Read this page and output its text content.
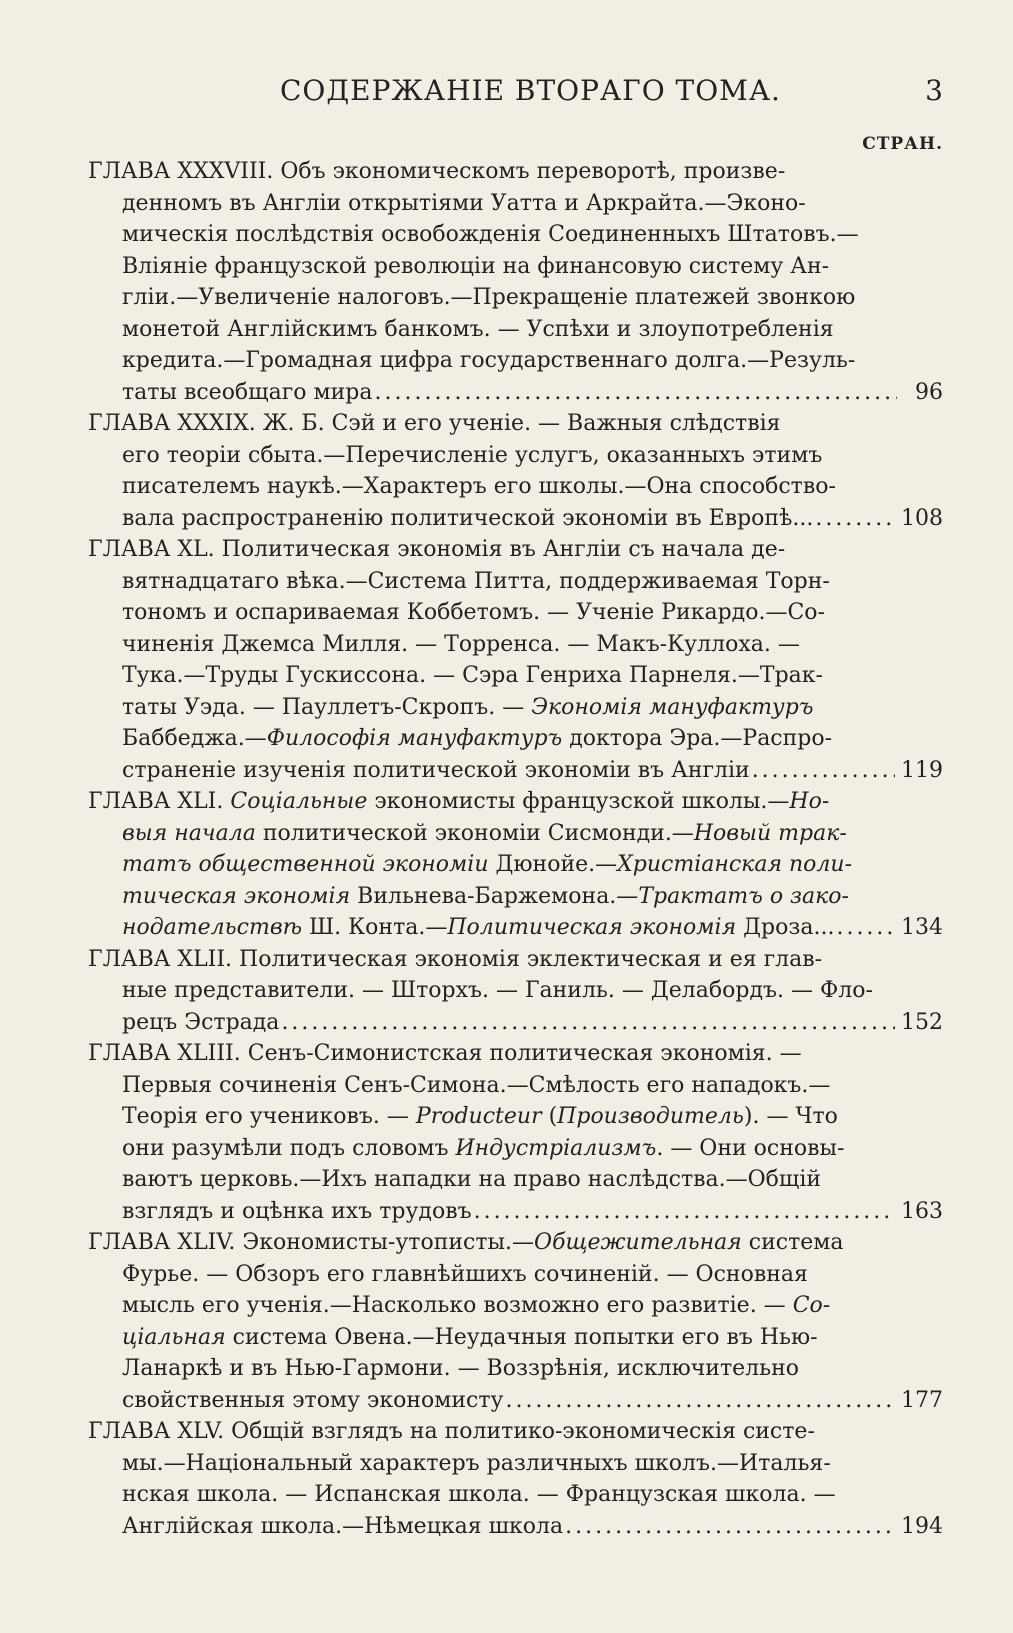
СОДЕРЖАНІЕ ВТОРАГО ТОМА.	3
СТРАН.
ГЛАВА XXXVIII. Объ экономическомъ переворотѣ, произве-
денномъ въ Англіи открытіями Уатта и Аркрайта.—Эконо-
мическія послѣдствія освобожденія Соединенныхъ Штатовъ.—
Вліяніе французской революціи на финансовую систему Ан-
гліи.—Увеличеніе налоговъ.—Прекращеніе платежей звонкою
монетой Англійскимъ банкомъ. — Успѣхи и злоупотребленія
кредита.—Громадная цифра государственнаго долга.—Резуль-
таты всеобщаго мира .....	96
ГЛАВА XXXIX. Ж. Б. Сэй и его ученіе. — Важныя слѣдствія
его теоріи сбыта.—Перечисленіе услугъ, оказанныхъ этимъ
писателемъ наукѣ.—Характеръ его школы.—Она способство-
вала распространенію политической экономіи въ Европѣ... .....	108
ГЛАВА XL. Политическая экономія въ Англіи съ начала де-
вятнадцатаго вѣка.—Система Питта, поддерживаемая Торн-
тономъ и оспариваемая Коббетомъ. — Ученіе Рикардо.—Со-
чиненія Джемса Милля. — Торренса. — Макъ-Куллоха. —
Тука.—Труды Гускиссона. — Сэра Генриха Парнеля.—Трак-
таты Уэда. — Пауллетъ-Скропъ. — Экономія мануфактуръ
Баббеджа.—Философія мануфактуръ доктора Эра.—Распро-
страненіе изученія политической экономіи въ Англіи .....	119
ГЛАВА XLI. Соціальные экономисты французской школы.—Но-
выя начала политической экономіи Сисмонди.—Новый трак-
татъ общественной экономіи Дюнойе.—Христіанская поли-
тическая экономія Вильнева-Баржемона.—Трактатъ о зако-
нодательствѣ Ш. Конта.—Политическая экономія Дроза... .....	134
ГЛАВА XLII. Политическая экономія эклектическая и ея глав-
ные представители. — Шторхъ. — Ганиль. — Делабордъ. — Фло-
рецъ Эстрада .....	152
ГЛАВА XLIII. Сенъ-Симонистская политическая экономія. —
Первыя сочиненія Сенъ-Симона.—Смѣлость его нападокъ.—
Теорія его учениковъ. — Producteur (Производитель). — Что
они разумѣли подъ словомъ Индустріализмъ. — Они основы-
ваютъ церковь.—Ихъ нападки на право наслѣдства.—Общій
взглядъ и оцѣнка ихъ трудовъ .....	163
ГЛАВА XLIV. Экономисты-утописты.—Общежительная система
Фурье. — Обзоръ его главнѣйшихъ сочиненій. — Основная
мысль его ученія.—Насколько возможно его развитіе. — Со-
ціальная система Овена.—Неудачныя попытки его въ Нью-
Ланаркѣ и въ Нью-Гармони. — Воззрѣнія, исключительно
свойственныя этому экономисту .....	177
ГЛАВА XLV. Общій взглядъ на политико-экономическія систе-
мы.—Національный характеръ различныхъ школъ.—Италья-
нская школа. — Испанская школа. — Французская школа. —
Англійская школа.—Нѣмецкая школа .....	194
